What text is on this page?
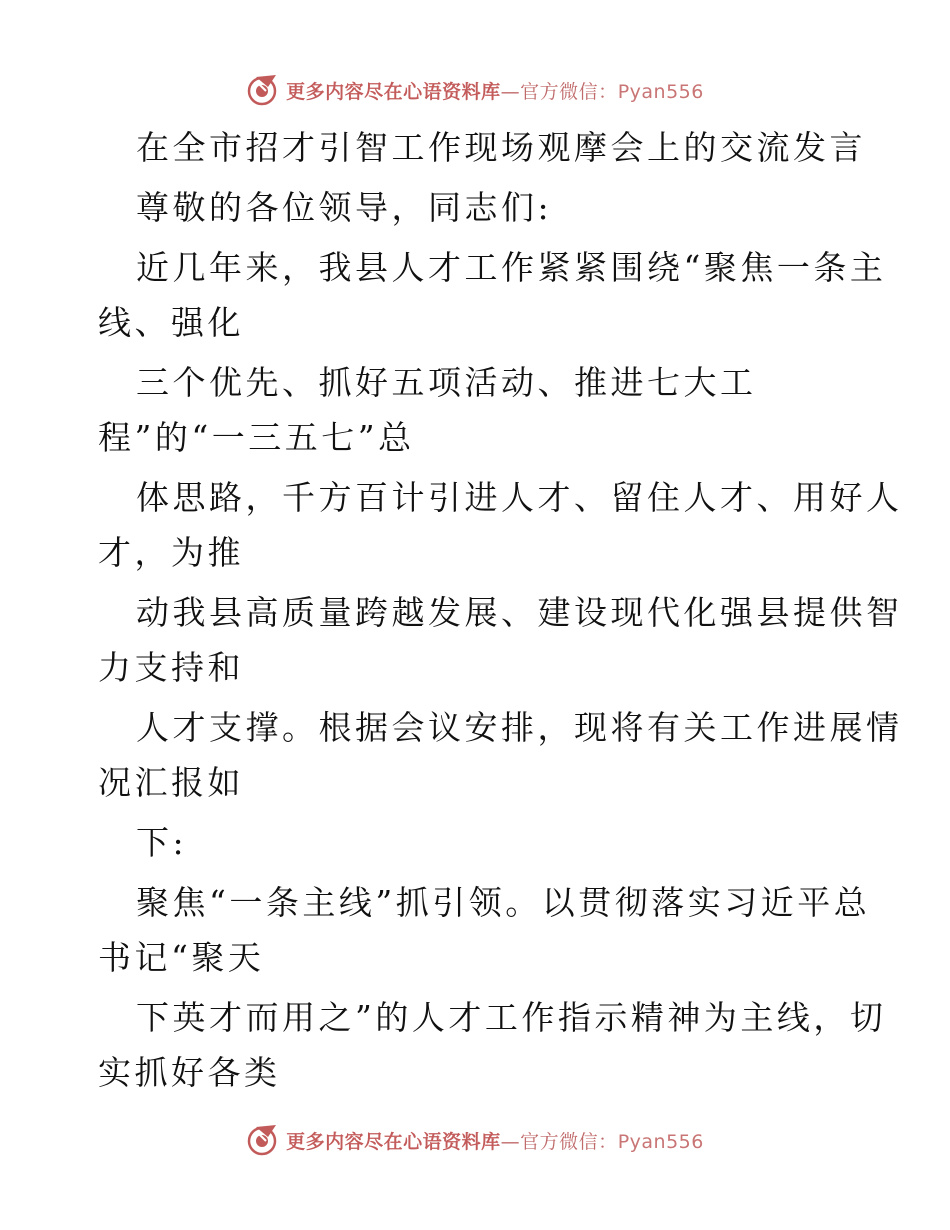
更多内容尽在心语资料库—官方微信：Pyan556
在全市招才引智工作现场观摩会上的交流发言
尊敬的各位领导，同志们:
近几年来，我县人才工作紧紧围绕“聚焦一条主
线、强化
三个优先、抓好五项活动、推进七大工
程”的“一三五七”总
体思路，千方百计引进人才、留住人才、用好人
才，为推
动我县高质量跨越发展、建设现代化强县提供智
力支持和
人才支撑。根据会议安排，现将有关工作进展情
况汇报如
下:
聚焦“一条主线”抓引领。以贯彻落实习近平总
书记“聚天
下英才而用之”的人才工作指示精神为主线，切
实抓好各类
更多内容尽在心语资料库—官方微信：Pyan556
